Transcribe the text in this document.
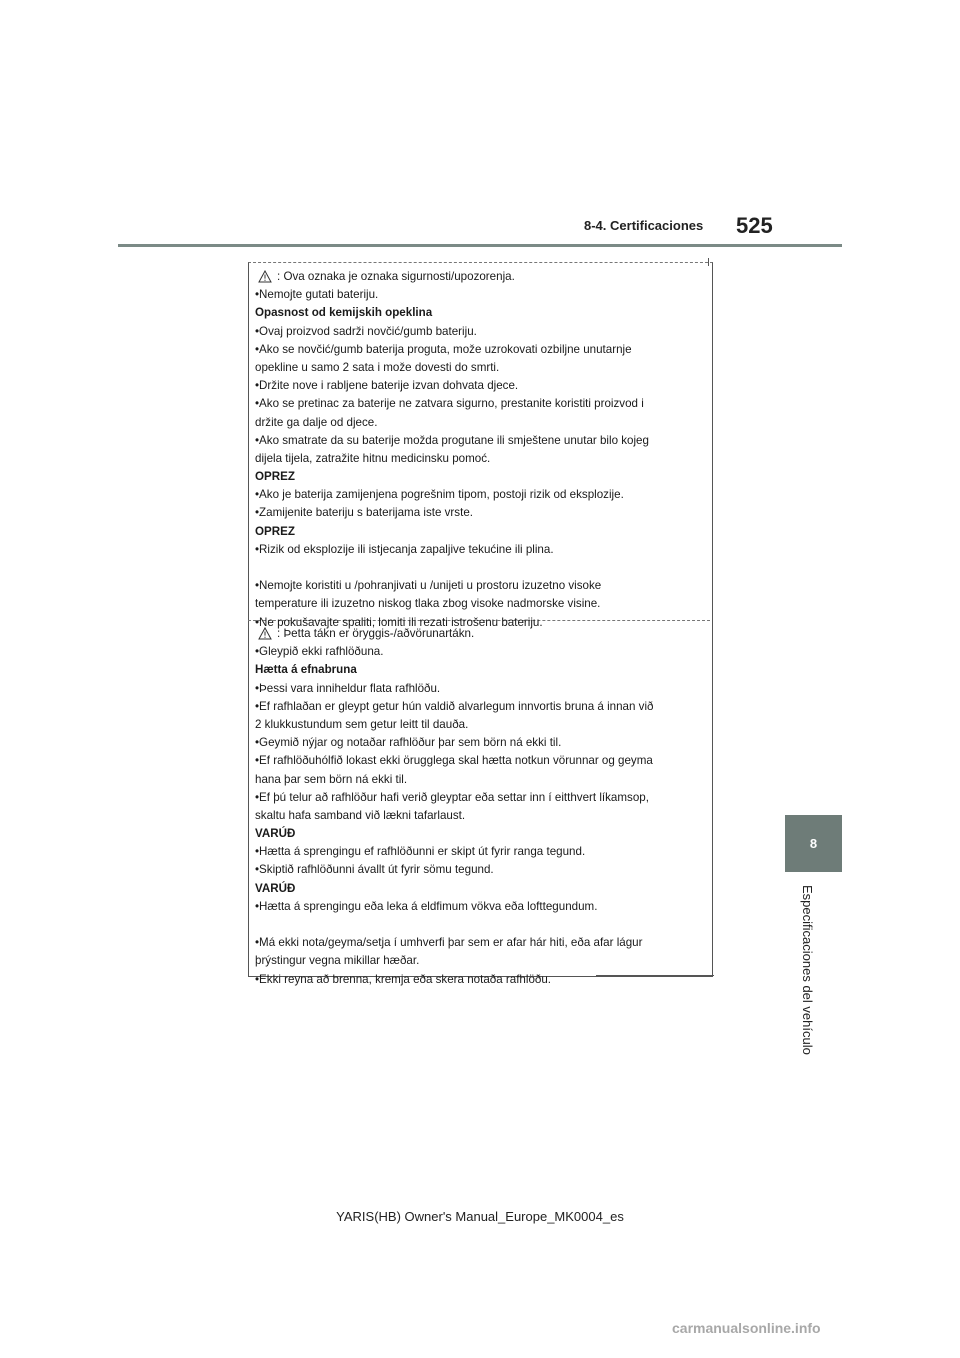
8-4. Certificaciones 525
8
Especificaciones del vehículo
: Ova oznaka je oznaka sigurnosti/upozorenja.
•Nemojte gutati bateriju.
Opasnost od kemijskih opeklina
•Ovaj proizvod sadrži novčić/gumb bateriju.
•Ako se novčić/gumb baterija proguta, može uzrokovati ozbiljne unutarnje
opekline u samo 2 sata i može dovesti do smrti.
•Držite nove i rabljene baterije izvan dohvata djece.
•Ako se pretinac za baterije ne zatvara sigurno, prestanite koristiti proizvod i
držite ga dalje od djece.
•Ako smatrate da su baterije možda progutane ili smještene unutar bilo kojeg
dijela tijela, zatražite hitnu medicinsku pomoć.
OPREZ
•Ako je baterija zamijenjena pogrešnim tipom, postoji rizik od eksplozije.
•Zamijenite bateriju s baterijama iste vrste.
OPREZ
•Rizik od eksplozije ili istjecanja zapaljive tekućine ili plina.
•Nemojte koristiti u /pohranjivati u /unijeti u prostoru izuzetno visoke
temperature ili izuzetno niskog tlaka zbog visoke nadmorske visine.
•Ne pokušavajte spaliti, lomiti ili rezati istrošenu bateriju.
: Þetta tákn er öryggis-/aðvörunartákn.
•Gleypið ekki rafhlöðuna.
Hætta á efnabruna
•Þessi vara inniheldur flata rafhlöðu.
•Ef rafhlaðan er gleypt getur hún valdið alvarlegum innvortis bruna á innan við
2 klukkustundum sem getur leitt til dauða.
•Geymið nýjar og notaðar rafhlöður þar sem börn ná ekki til.
•Ef rafhlöðuhólfið lokast ekki örugglega skal hætta notkun vörunnar og geyma
hana þar sem börn ná ekki til.
•Ef þú telur að rafhlöður hafi verið gleyptar eða settar inn í eitthvert líkamsop,
skaltu hafa samband við lækni tafarlaust.
VARÚÐ
•Hætta á sprengingu ef rafhlöðunni er skipt út fyrir ranga tegund.
•Skiptið rafhlöðunni ávallt út fyrir sömu tegund.
VARÚÐ
•Hætta á sprengingu eða leka á eldfimum vökva eða lofttegundum.
•Má ekki nota/geyma/setja í umhverfi þar sem er afar hár hiti, eða afar lágur
þrýstingur vegna mikillar hæðar.
•Ekki reyna að brenna, kremja eða skera notaða rafhlöðu.
YARIS(HB) Owner's Manual_Europe_MK0004_es
carmanualsonline.info
